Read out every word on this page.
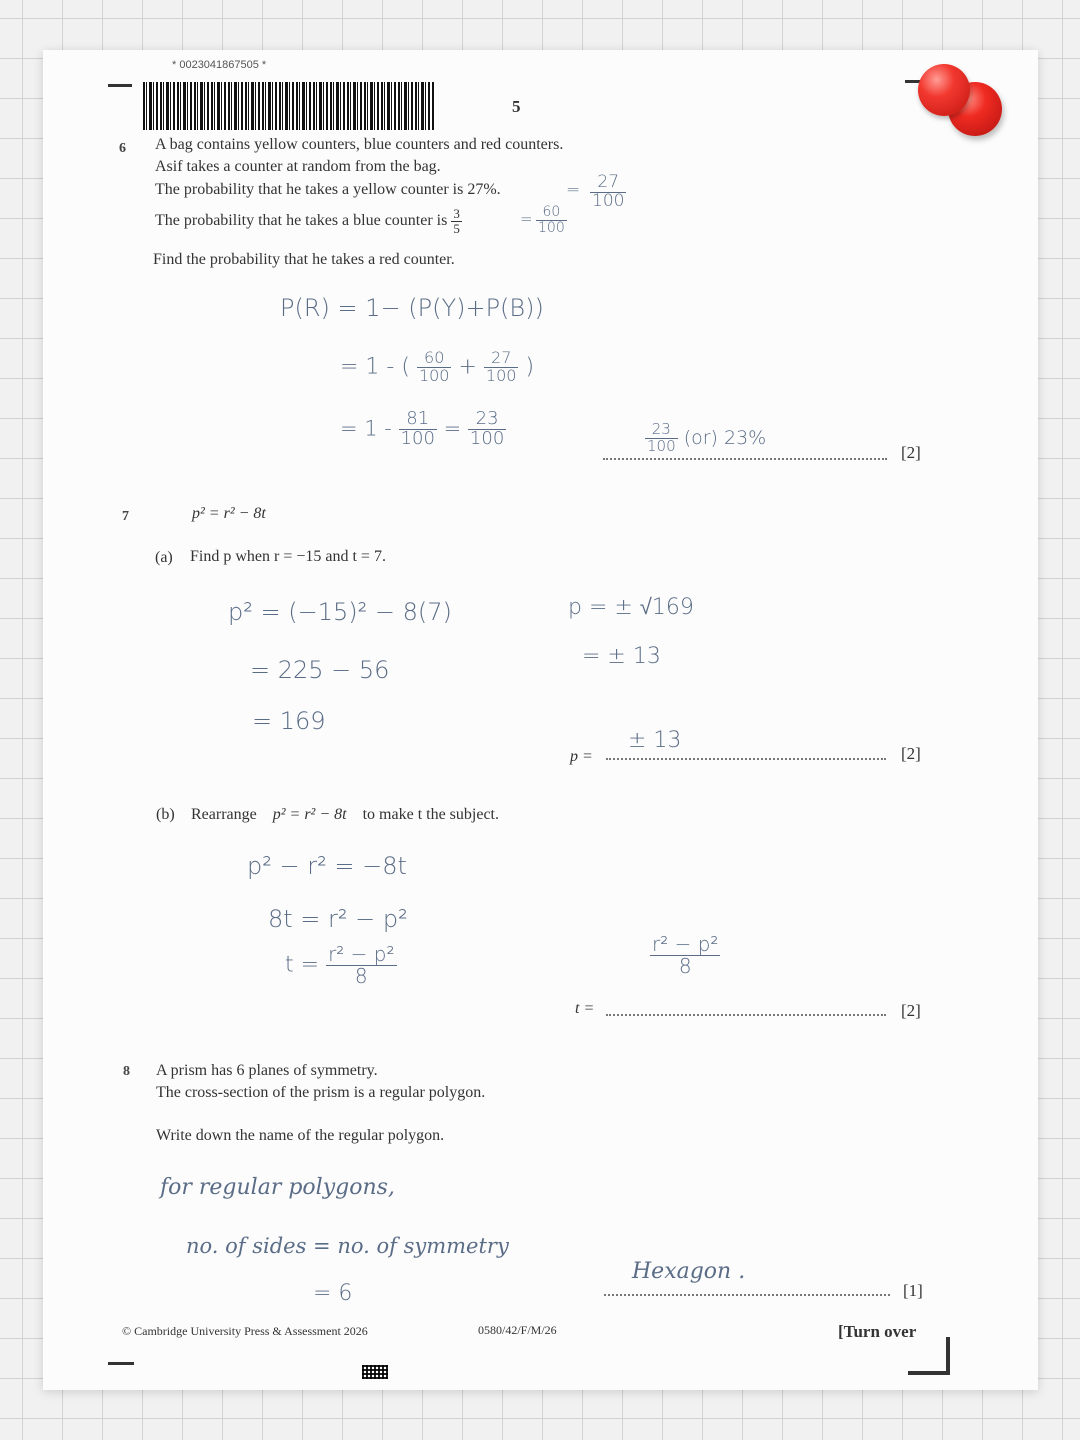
* 0023041867505 *
5
6 A bag contains yellow counters, blue counters and red counters.
Asif takes a counter at random from the bag.
The probability that he takes a yellow counter is 27%.	= $\frac{27}{100}$
The probability that he takes a blue counter is $\frac{3}{5}$	= $\frac{60}{100}$
Find the probability that he takes a red counter.
P(R) = 1− (P(Y)+P(B))
= 1 - ( $\frac{60}{100} + \frac{27}{100}$ )
= $1 - \frac{81}{100} = \frac{23}{100}$	$\frac{23}{100} (or)$ 23%
[2]
7	p² = r² − 8t
(a) Find p when r = −15 and t = 7.
p² = (−15)² − 8(7)
= 225 − 56
= 169
p = ± √169
= ± 13
p =
± 13
[2]
(b) Rearrange p² = r² − 8t to make t the subject.
p² − r² = −8t
8t = r² − p²
$t = \frac{\text{r² − p²}}{8}$	$\frac{\text{r² − p²}}{8}$
t =	[2]
8 A prism has 6 planes of symmetry.
The cross-section of the prism is a regular polygon.
Write down the name of the regular polygon.
for regular polygons,
no. of sides = no. of symmetry
= 6
Hexagon .
[1]
© Cambridge University Press & Assessment 2026	0580/42/F/M/26	[Turn over
